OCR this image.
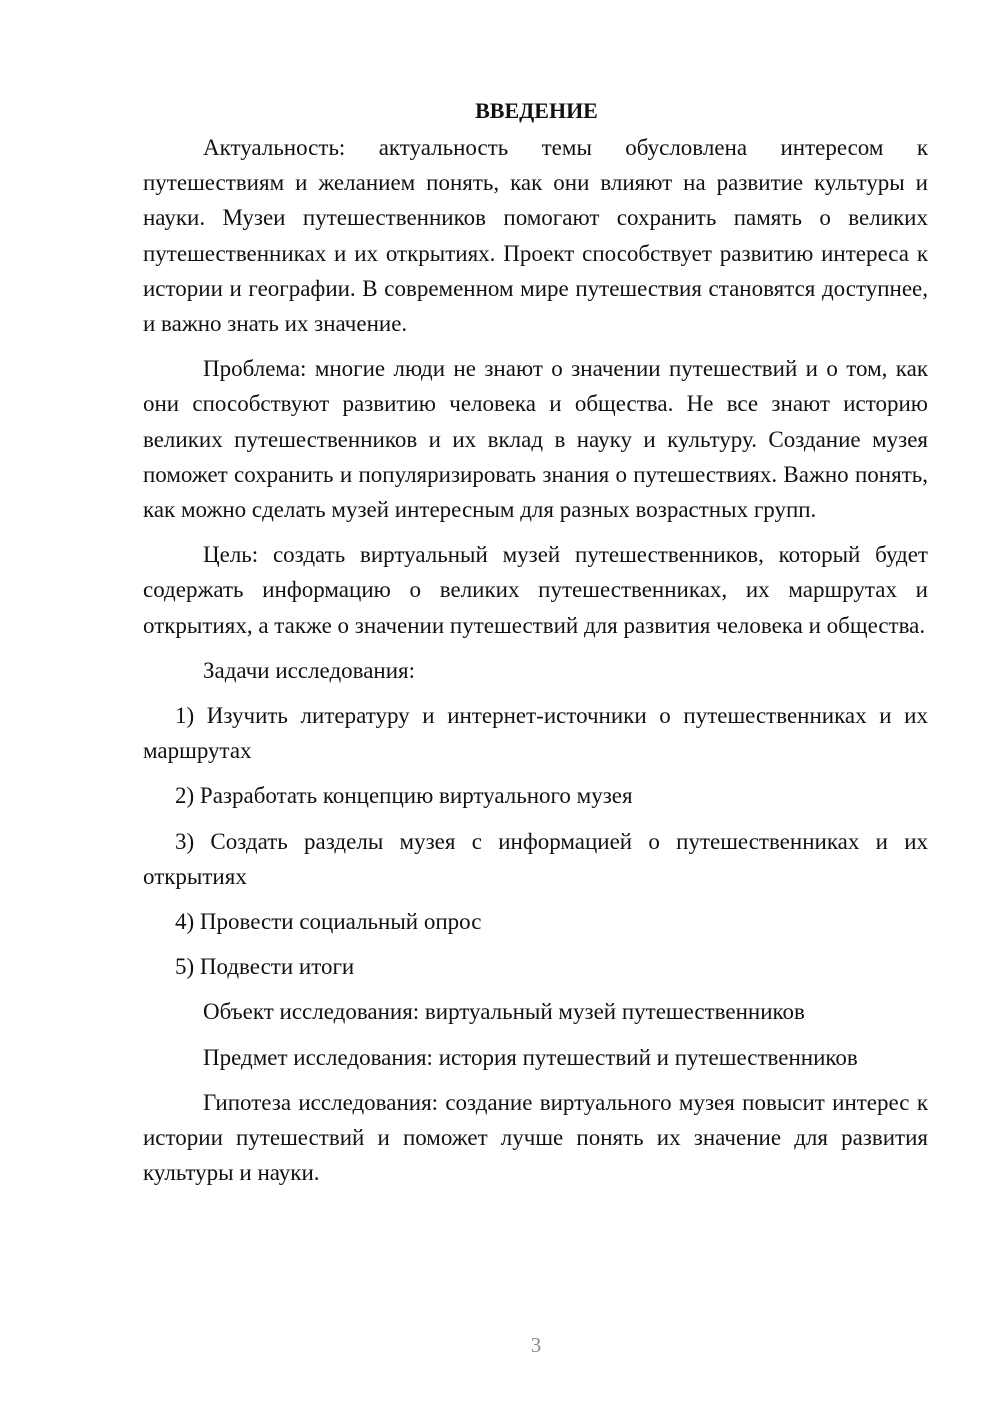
ВВЕДЕНИЕ

Актуальность: актуальность темы обусловлена интересом к путешествиям и желанием понять, как они влияют на развитие культуры и науки. Музеи путешественников помогают сохранить память о великих путешественниках и их открытиях. Проект способствует развитию интереса к истории и географии. В современном мире путешествия становятся доступнее, и важно знать их значение.

Проблема: многие люди не знают о значении путешествий и о том, как они способствуют развитию человека и общества. Не все знают историю великих путешественников и их вклад в науку и культуру. Создание музея поможет сохранить и популяризировать знания о путешествиях. Важно понять, как можно сделать музей интересным для разных возрастных групп.

Цель: создать виртуальный музей путешественников, который будет содержать информацию о великих путешественниках, их маршрутах и открытиях, а также о значении путешествий для развития человека и общества.

Задачи исследования:

1) Изучить литературу и интернет-источники о путешественниках и их маршрутах

2) Разработать концепцию виртуального музея

3) Создать разделы музея с информацией о путешественниках и их открытиях

4) Провести социальный опрос

5) Подвести итоги

Объект исследования: виртуальный музей путешественников

Предмет исследования: история путешествий и путешественников

Гипотеза исследования: создание виртуального музея повысит интерес к истории путешествий и поможет лучше понять их значение для развития культуры и науки.

3
